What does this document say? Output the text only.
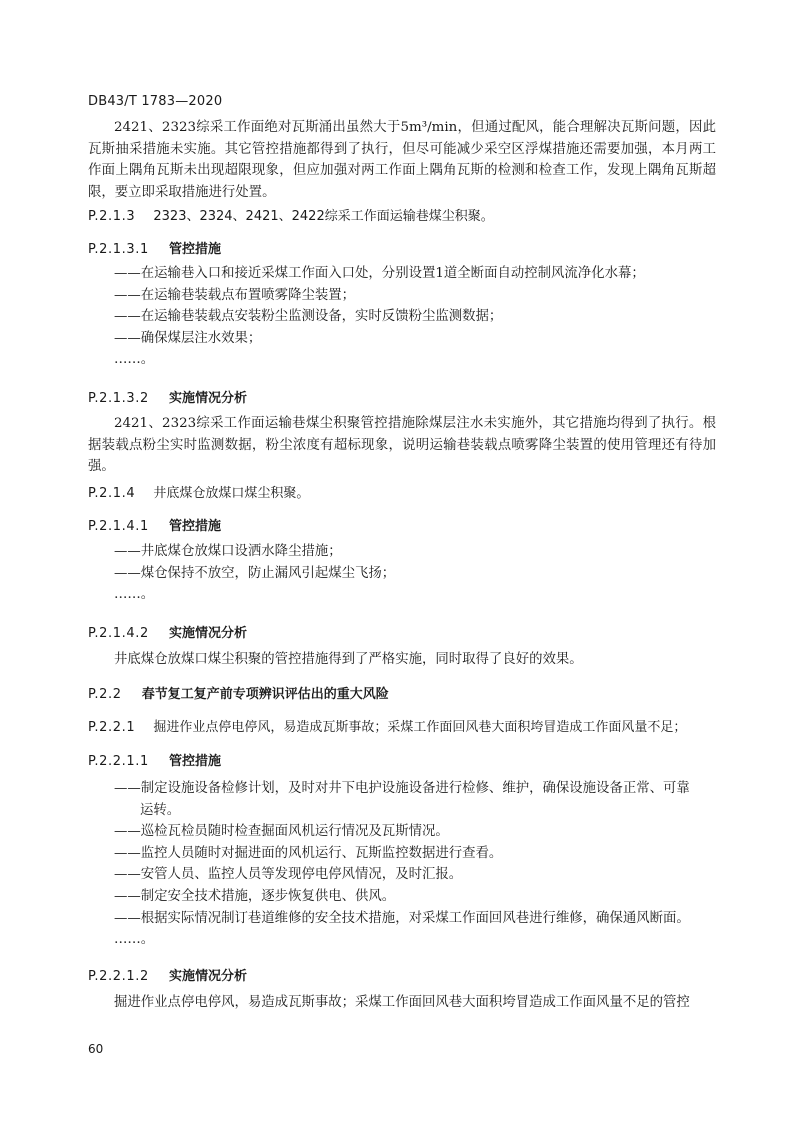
DB43/T 1783—2020

2421、2323综采工作面绝对瓦斯涌出虽然大于5m³/min，但通过配风，能合理解决瓦斯问题，因此瓦斯抽采措施未实施。其它管控措施都得到了执行，但尽可能减少采空区浮煤措施还需要加强，本月两工作面上隅角瓦斯未出现超限现象，但应加强对两工作面上隅角瓦斯的检测和检查工作，发现上隅角瓦斯超限，要立即采取措施进行处置。

P.2.1.3 2323、2324、2421、2422综采工作面运输巷煤尘积聚。
P.2.1.3.1 管控措施
——在运输巷入口和接近采煤工作面入口处，分别设置1道全断面自动控制风流净化水幕；
——在运输巷装载点布置喷雾降尘装置；
——在运输巷装载点安装粉尘监测设备，实时反馈粉尘监测数据；
——确保煤层注水效果；
……。
P.2.1.3.2 实施情况分析

2421、2323综采工作面运输巷煤尘积聚管控措施除煤层注水未实施外，其它措施均得到了执行。根据装载点粉尘实时监测数据，粉尘浓度有超标现象，说明运输巷装载点喷雾降尘装置的使用管理还有待加强。

P.2.1.4 井底煤仓放煤口煤尘积聚。
P.2.1.4.1 管控措施
——井底煤仓放煤口设洒水降尘措施；
——煤仓保持不放空，防止漏风引起煤尘飞扬；
……。
P.2.1.4.2 实施情况分析

井底煤仓放煤口煤尘积聚的管控措施得到了严格实施，同时取得了良好的效果。

P.2.2 春节复工复产前专项辨识评估出的重大风险
P.2.2.1 掘进作业点停电停风，易造成瓦斯事故；采煤工作面回风巷大面积垮冒造成工作面风量不足；
P.2.2.1.1 管控措施
——制定设施设备检修计划，及时对井下电护设施设备进行检修、维护，确保设施设备正常、可靠
运转。
——巡检瓦检员随时检查掘面风机运行情况及瓦斯情况。
——监控人员随时对掘进面的风机运行、瓦斯监控数据进行查看。
——安管人员、监控人员等发现停电停风情况，及时汇报。
——制定安全技术措施，逐步恢复供电、供风。
——根据实际情况制订巷道维修的安全技术措施，对采煤工作面回风巷进行维修，确保通风断面。
……。
P.2.2.1.2 实施情况分析

掘进作业点停电停风，易造成瓦斯事故；采煤工作面回风巷大面积垮冒造成工作面风量不足的管控

60
